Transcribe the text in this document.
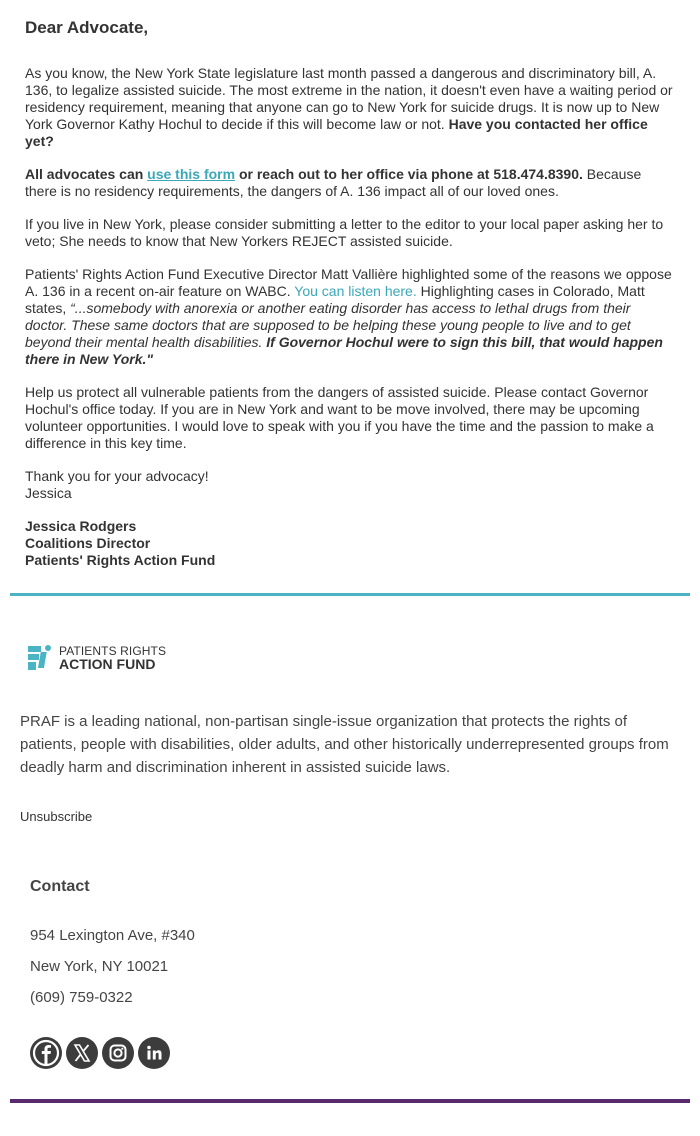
Dear Advocate,

As you know, the New York State legislature last month passed a dangerous and discriminatory bill, A. 136, to legalize assisted suicide. The most extreme in the nation, it doesn't even have a waiting period or residency requirement, meaning that anyone can go to New York for suicide drugs. It is now up to New York Governor Kathy Hochul to decide if this will become law or not. Have you contacted her office yet?

All advocates can use this form or reach out to her office via phone at 518.474.8390. Because there is no residency requirements, the dangers of A. 136 impact all of our loved ones.

If you live in New York, please consider submitting a letter to the editor to your local paper asking her to veto; She needs to know that New Yorkers REJECT assisted suicide.

Patients' Rights Action Fund Executive Director Matt Vallière highlighted some of the reasons we oppose A. 136 in a recent on-air feature on WABC. You can listen here. Highlighting cases in Colorado, Matt states, “...somebody with anorexia or another eating disorder has access to lethal drugs from their doctor. These same doctors that are supposed to be helping these young people to live and to get beyond their mental health disabilities. If Governor Hochul were to sign this bill, that would happen there in New York."

Help us protect all vulnerable patients from the dangers of assisted suicide. Please contact Governor Hochul's office today. If you are in New York and want to be move involved, there may be upcoming volunteer opportunities. I would love to speak with you if you have the time and the passion to make a difference in this key time.

Thank you for your advocacy!
Jessica

Jessica Rodgers
Coalitions Director
Patients' Rights Action Fund

PATIENTS RIGHTS
ACTION FUND
PRAF is a leading national, non-partisan single-issue organization that protects the rights of patients, people with disabilities, older adults, and other historically underrepresented groups from deadly harm and discrimination inherent in assisted suicide laws.
Unsubscribe
Contact
954 Lexington Ave, #340
New York, NY 10021
(609) 759-0322
